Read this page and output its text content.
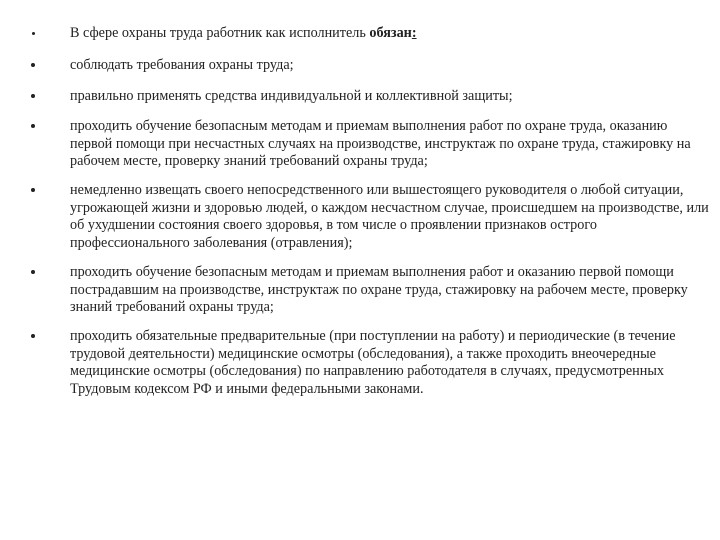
В сфере охраны труда работник как исполнитель обязан:
соблюдать требования охраны труда;
правильно применять средства индивидуальной и коллективной защиты;
проходить обучение безопасным методам и приемам выполнения работ по охране труда, оказанию первой помощи при несчастных случаях на производстве, инструктаж по охране труда, стажировку на рабочем месте, проверку знаний требований охраны труда;
немедленно извещать своего непосредственного или вышестоящего руководителя о любой ситуации, угрожающей жизни и здоровью людей, о каждом несчастном случае, происшедшем на производстве, или об ухудшении состояния своего здоровья, в том числе о проявлении признаков острого профессионального заболевания (отравления);
проходить обучение безопасным методам и приемам выполнения работ и оказанию первой помощи пострадавшим на производстве, инструктаж по охране труда, стажировку на рабочем месте, проверку знаний требований охраны труда;
проходить обязательные предварительные (при поступлении на работу) и периодические (в течение трудовой деятельности) медицинские осмотры (обследования), а также проходить внеочередные медицинские осмотры (обследования) по направлению работодателя в случаях, предусмотренных Трудовым кодексом РФ и иными федеральными законами.
